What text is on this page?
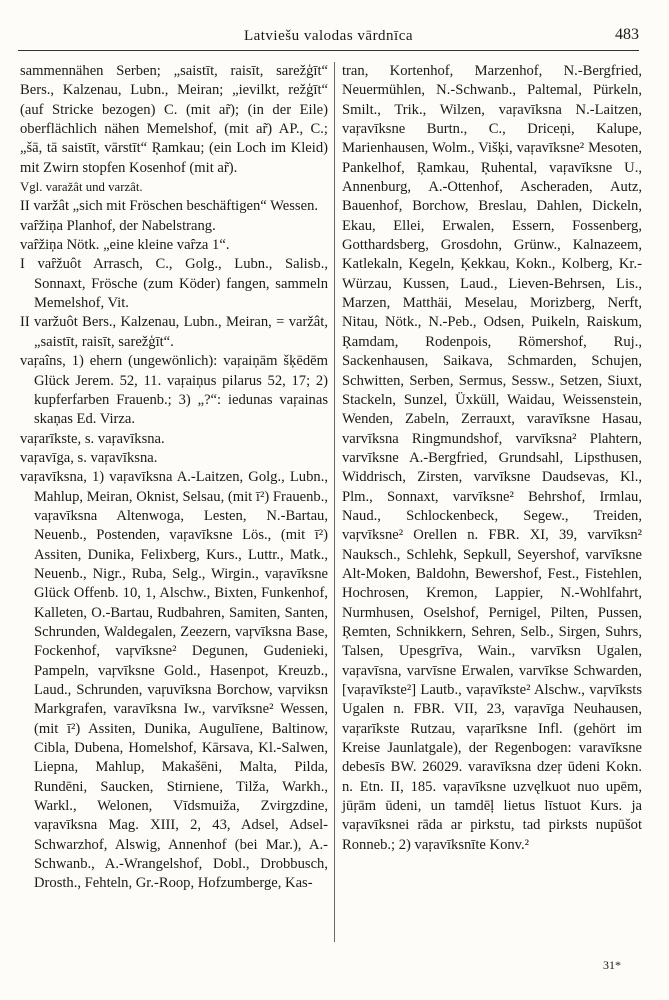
Latviešu valodas vārdnīca	483

sammennähen Serben; „saistīt, raisīt, sarežģīt“ Bers., Kalzenau, Lubn., Meiran; „ievilkt, režģīt“ (auf Stricke bezogen) C. (mit ar̃); (in der Eile) oberflächlich nähen Memelshof, (mit ar̃) AP., C.; „šā, tā saistīt, vārstīt“ Ŗamkau; (ein Loch im Kleid) mit Zwirn stopfen Kosenhof (mit ar̃).

Vgl. varažât und varzât.

II varžât „sich mit Fröschen beschäftigen“ Wessen.

vaȓžiņa Planhof, der Nabelstrang.

vaȓžiņa Nötk. „eine kleine vaȓza 1“.

I vaȓžuôt Arrasch, C., Golg., Lubn., Salisb., Sonnaxt, Frösche (zum Köder) fangen, sammeln Memelshof, Vit.

II varžuôt Bers., Kalzenau, Lubn., Meiran, = varžât, „saistīt, raisīt, sarežģīt“.

vaŗaîns, 1) ehern (ungewönlich): vaŗaiņām šķēdēm Glück Jerem. 52, 11. vaŗaiņus pilarus 52, 17; 2) kupferfarben Frauenb.; 3) „?“: iedunas vaŗainas skaņas Ed. Virza.

vaŗarīkste, s. vaŗavīksna.

vaŗavīga, s. vaŗavīksna.

vaŗavīksna, 1) vaŗavīksna A.-Laitzen, Golg., Lubn., Mahlup, Meiran, Oknist, Selsau, (mit ī²) Frauenb., vaŗavīksna Altenwoga, Lesten, N.-Bartau, Neuenb., Postenden, vaŗavīksne Lös., (mit ī²) Assiten, Dunika, Felixberg, Kurs., Luttr., Matk., Neuenb., Nigr., Ruba, Selg., Wirgin., vaŗavīksne Glück Offenb. 10, 1, Alschw., Bixten, Funkenhof, Kalleten, O.-Bartau, Rudbahren, Samiten, Santen, Schrunden, Waldegalen, Zeezern, vaŗvīksna Base, Fockenhof, vaŗvīksne² Degunen, Gudenieki, Pampeln, vaŗvīksne Gold., Hasenpot, Kreuzb., Laud., Schrunden, vaŗuvīksna Borchow, vaŗviksn Markgrafen, varavīksna Iw., varvīksne² Wessen, (mit ī²) Assiten, Dunika, Augulīene, Baltinow, Cibla, Dubena, Homelshof, Kārsava, Kl.-Salwen, Liepna, Mahlup, Makašēni, Malta, Pilda, Rundēni, Saucken, Stirniene, Tilža, Warkh., Warkl., Welonen, Vīdsmuiža, Zvirgzdine, vaŗavīksna Mag. XIII, 2, 43, Adsel, Adsel-Schwarzhof, Alswig, Annenhof (bei Mar.), A.-Schwanb., A.-Wrangelshof, Dobl., Drobbusch, Drosth., Fehteln, Gr.-Roop, Hofzumberge, Kas-

tran, Kortenhof, Marzenhof, N.-Bergfried, Neuermühlen, N.-Schwanb., Paltemal, Pürkeln, Smilt., Trik., Wilzen, vaŗavīksna N.-Laitzen, vaŗavīksne Burtn., C., Driceņi, Kalupe, Marienhausen, Wolm., Višķi, vaŗavīksne² Mesoten, Pankelhof, Ŗamkau, Ŗuhental, vaŗavīksne U., Annenburg, A.-Ottenhof, Ascheraden, Autz, Bauenhof, Borchow, Breslau, Dahlen, Dickeln, Ekau, Ellei, Erwalen, Essern, Fossenberg, Gotthardsberg, Grosdohn, Grünw., Kalnazeem, Katlekaln, Kegeln, Ķekkau, Kokn., Kolberg, Kr.-Würzau, Kussen, Laud., Lieven-Behrsen, Lis., Marzen, Matthäi, Meselau, Morizberg, Nerft, Nitau, Nötk., N.-Peb., Odsen, Puikeln, Raiskum, Ŗamdam, Rodenpois, Römershof, Ruj., Sackenhausen, Saikava, Schmarden, Schujen, Schwitten, Serben, Sermus, Sessw., Setzen, Siuxt, Stackeln, Sunzel, Üxküll, Waidau, Weissenstein, Wenden, Zabeln, Zerrauxt, varavīksne Hasau, varvīksna Ringmundshof, varvīksna² Plahtern, varvīksne A.-Bergfried, Grundsahl, Lipsthusen, Widdrisch, Zirsten, varvīksne Daudsevas, Kl., Plm., Sonnaxt, varvīksne² Behrshof, Irmlau, Naud., Schlockenbeck, Segew., Treiden, vaŗvīksne² Orellen n. FBR. XI, 39, varvīksn² Nauksch., Schlehk, Sepkull, Seyershof, varvīksne Alt-Moken, Baldohn, Bewershof, Fest., Fistehlen, Hochrosen, Kremon, Lappier, N.-Wohlfahrt, Nurmhusen, Oselshof, Pernigel, Pilten, Pussen, Ŗemten, Schnikkern, Sehren, Selb., Sirgen, Suhrs, Talsen, Upesgrīva, Wain., varvīksn Ugalen, vaŗavīsna, varvīsne Erwalen, varvīkse Schwarden, [vaŗavīkste²] Lautb., vaŗavīkste² Alschw., vaŗvīksts Ugalen n. FBR. VII, 23, vaŗavīga Neuhausen, vaŗarīkste Rutzau, vaŗarīksne Infl. (gehört im Kreise Jaunlatgale), der Regenbogen: varavīksne debesīs BW. 26029. varavīksna dzeŗ ūdeni Kokn. n. Etn. II, 185. vaŗavīksne uzvęlkuot nuo upēm, jūŗām ūdeni, un tamdēļ lietus līstuot Kurs. ja vaŗavīksnei rāda ar pirkstu, tad pirksts nupūšot Ronneb.; 2) vaŗavīksnīte Konv.²

31*
